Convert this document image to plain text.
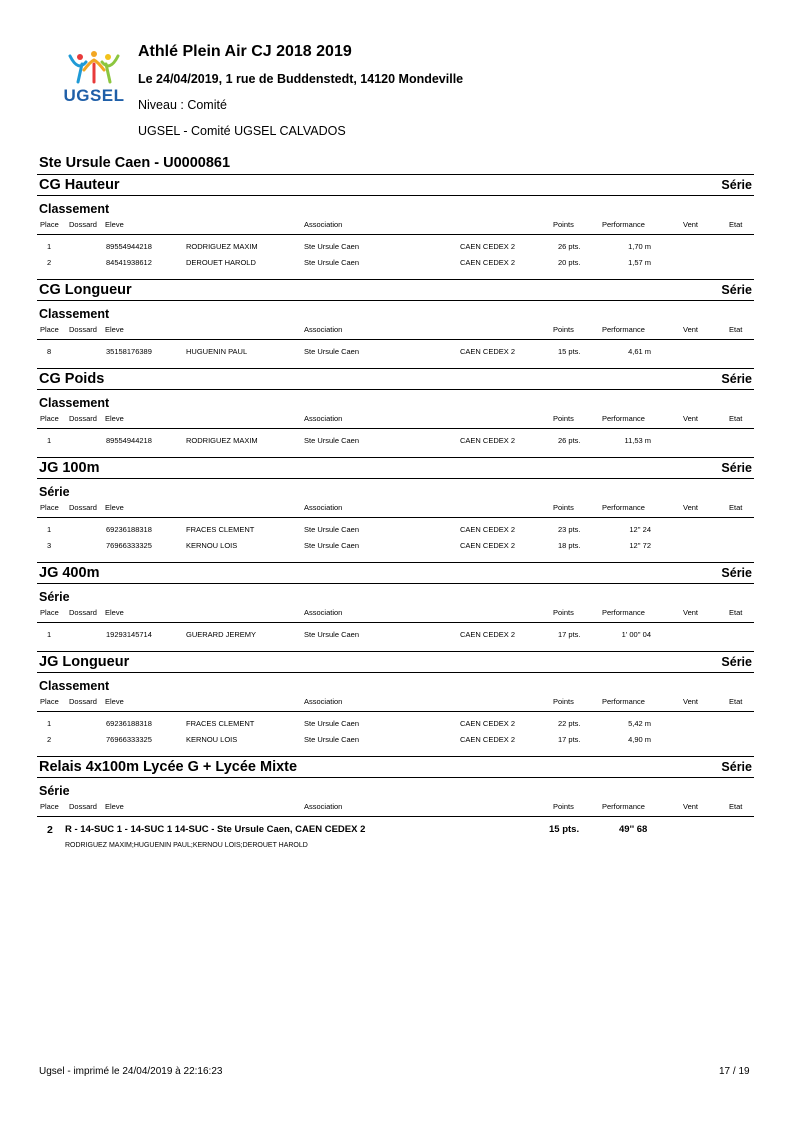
UGSEL
Athlé Plein Air CJ 2018 2019
Le 24/04/2019, 1 rue de Buddenstedt, 14120 Mondeville
Niveau : Comité
UGSEL - Comité UGSEL CALVADOS
Ste Ursule Caen - U0000861
CG Hauteur	Série
Classement
Place Dossard Eleve	Association	Points	Performance	Vent	Etat
1	89554944218	RODRIGUEZ MAXIM	Ste Ursule Caen	CAEN CEDEX 2	26 pts.	1,70 m
2	84541938612	DEROUET HAROLD	Ste Ursule Caen	CAEN CEDEX 2	20 pts.	1,57 m
CG Longueur	Série
Classement
Place Dossard Eleve	Association	Points	Performance	Vent	Etat
8	35158176389	HUGUENIN PAUL	Ste Ursule Caen	CAEN CEDEX 2	15 pts.	4,61 m
CG Poids	Série
Classement
Place Dossard Eleve	Association	Points	Performance	Vent	Etat
1	89554944218	RODRIGUEZ MAXIM	Ste Ursule Caen	CAEN CEDEX 2	26 pts.	11,53 m
JG 100m	Série
Série
Place Dossard Eleve	Association	Points	Performance	Vent	Etat
1	69236188318	FRACES CLEMENT	Ste Ursule Caen	CAEN CEDEX 2	23 pts.	12'' 24
3	76966333325	KERNOU LOIS	Ste Ursule Caen	CAEN CEDEX 2	18 pts.	12'' 72
JG 400m	Série
Série
Place Dossard Eleve	Association	Points	Performance	Vent	Etat
1	19293145714	GUERARD JEREMY	Ste Ursule Caen	CAEN CEDEX 2	17 pts.	1' 00'' 04
JG Longueur	Série
Classement
Place Dossard Eleve	Association	Points	Performance	Vent	Etat
1	69236188318	FRACES CLEMENT	Ste Ursule Caen	CAEN CEDEX 2	22 pts.	5,42 m
2	76966333325	KERNOU LOIS	Ste Ursule Caen	CAEN CEDEX 2	17 pts.	4,90 m
Relais 4x100m Lycée G + Lycée Mixte	Série
Série
Place Dossard Eleve	Association	Points	Performance	Vent	Etat
2 R - 14-SUC 1 - 14-SUC 1 14-SUC - Ste Ursule Caen, CAEN CEDEX 2	15 pts.	49'' 68
RODRIGUEZ MAXIM;HUGUENIN PAUL;KERNOU LOIS;DEROUET HAROLD
Ugsel - imprimé le 24/04/2019 à 22:16:23	17 / 19
